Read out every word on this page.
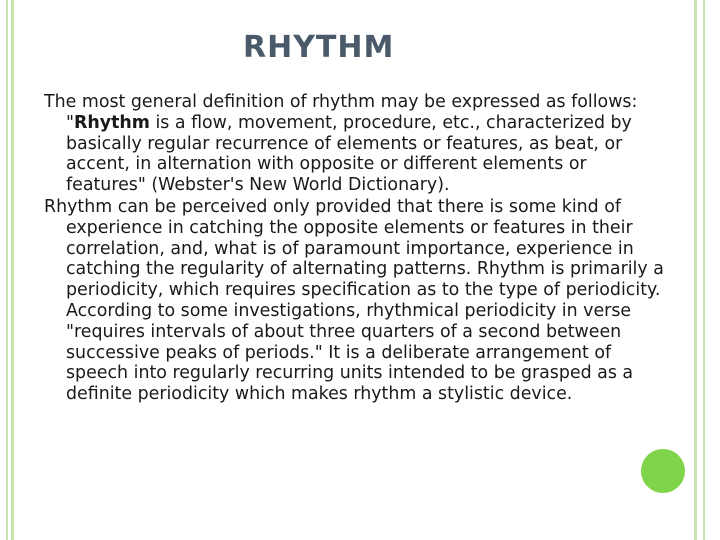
RHYTHM

The most general definition of rhythm may be expressed as follows: "Rhythm is a flow, movement, procedure, etc., characterized by basically regular recurrence of elements or features, as beat, or accent, in alternation with opposite or different elements or features" (Webster's New World Dictionary).

Rhythm can be perceived only provided that there is some kind of experience in catching the opposite elements or features in their correlation, and, what is of paramount importance, experience in catching the regularity of alternating patterns. Rhythm is primarily a periodicity, which requires specification as to the type of periodicity. According to some investigations, rhythmical periodicity in verse "requires intervals of about three quarters of a second between successive peaks of periods." It is a deliberate arrangement of speech into regularly recurring units intended to be grasped as a definite periodicity which makes rhythm a stylistic device.
